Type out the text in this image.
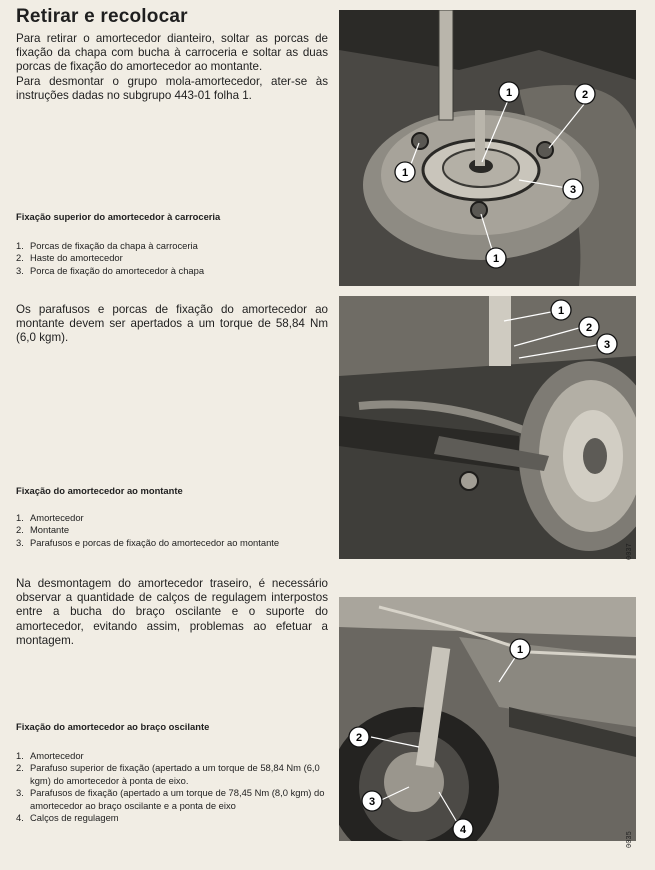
Retirar e recolocar

Para retirar o amortecedor dianteiro, soltar as porcas de fixação da chapa com bucha à carroceria e soltar as duas porcas de fixação do amortecedor ao montante.

Para desmontar o grupo mola-amortecedor, ater-se às instruções dadas no subgrupo 443-01 folha 1.

Fixação superior do amortecedor à carroceria

1. Porcas de fixação da chapa à carroceria
2. Haste do amortecedor
3. Porca de fixação do amortecedor à chapa

Os parafusos e porcas de fixação do amortecedor ao montante devem ser apertados a um torque de 58,84 Nm (6,0 kgm).

Fixação do amortecedor ao montante

1. Amortecedor
2. Montante
3. Parafusos e porcas de fixação do amortecedor ao montante

Na desmontagem do amortecedor traseiro, é necessário observar a quantidade de calços de regulagem interpostos entre a bucha do braço oscilante e o suporte do amortecedor, evitando assim, problemas ao efetuar a montagem.

Fixação do amortecedor ao braço oscilante

1. Amortecedor
2. Parafuso superior de fixação (apertado a um torque de 58,84 Nm (6,0 kgm) do amortecedor à ponta de eixo.
3. Parafusos de fixação (apertado a um torque de 78,45 Nm (8,0 kgm) do amortecedor ao braço oscilante e a ponta de eixo
4. Calços de regulagem
1	2
1
3
1
1
2
3
0037
1
2
3
4
0035
